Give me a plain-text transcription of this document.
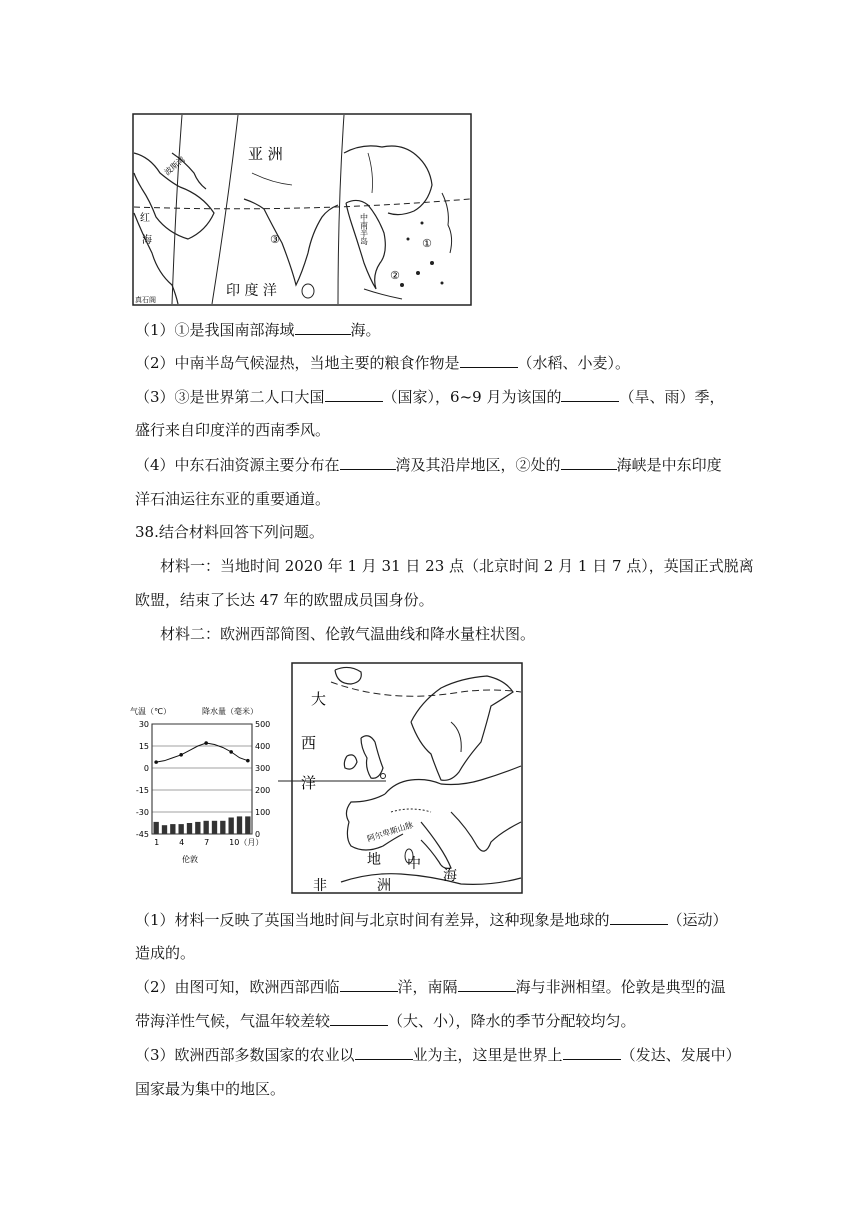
亚 洲
印 度 洋
波斯湾
红
海	中南半岛	①
②
③
真石阁
（1）①是我国南部海域	海。
（2）中南半岛气候湿热，当地主要的粮食作物是	（水稻、小麦）。
（3）③是世界第二人口大国	（国家），6~9 月为该国的	（旱、雨）季，
盛行来自印度洋的西南季风。
（4）中东石油资源主要分布在	湾及其沿岸地区，②处的	海峡是中东印度
洋石油运往东亚的重要通道。
38.结合材料回答下列问题。
材料一：当地时间 2020 年 1 月 31 日 23 点（北京时间 2 月 1 日 7 点），英国正式脱离
欧盟，结束了长达 47 年的欧盟成员国身份。
材料二：欧洲西部简图、伦敦气温曲线和降水量柱状图。
气温（℃）	降水量（毫米）
30
15
0
-15
-30
-45
500
400
300
200
100
0
1 4 7 10（月）
伦敦
大
西
洋
阿尔卑斯山脉
地 中
海
非	洲
（1）材料一反映了英国当地时间与北京时间有差异，这种现象是地球的	（运动）
造成的。
（2）由图可知，欧洲西部西临	洋，南隔	海与非洲相望。伦敦是典型的温
带海洋性气候，气温年较差较	（大、小），降水的季节分配较均匀。
（3）欧洲西部多数国家的农业以	业为主，这里是世界上	（发达、发展中）
国家最为集中的地区。
